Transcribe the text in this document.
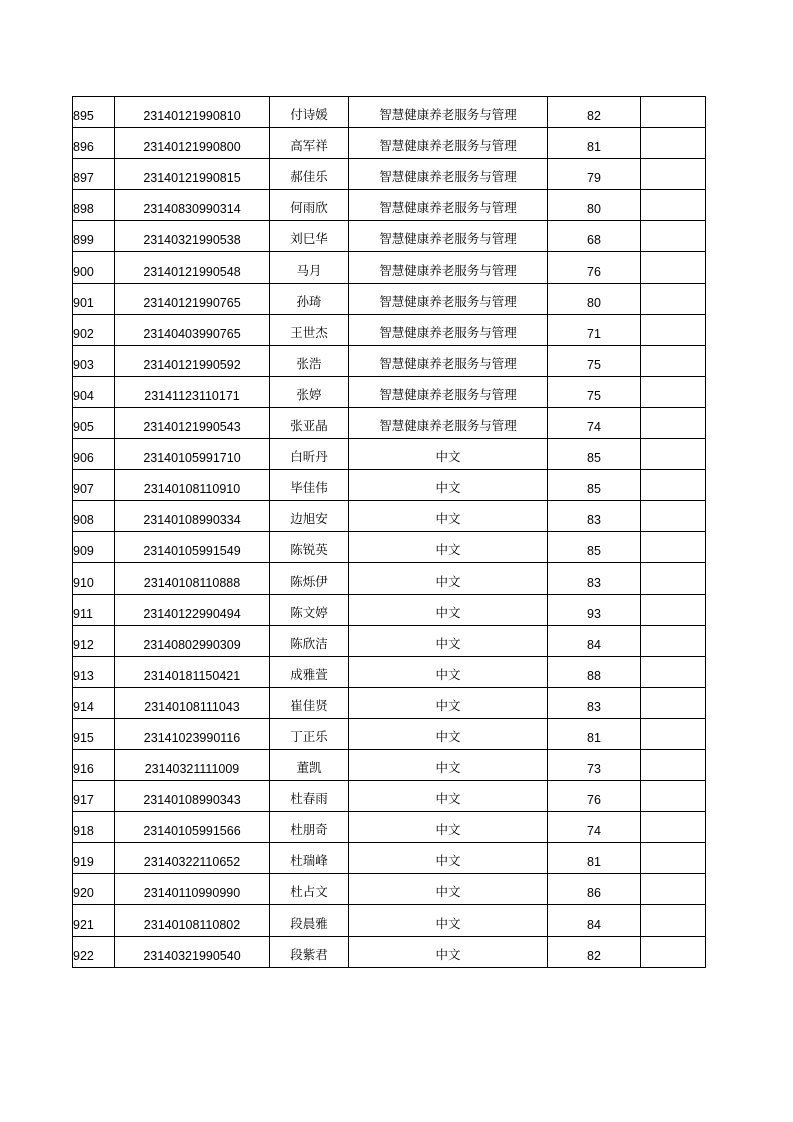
895	23140121990810	付诗媛	智慧健康养老服务与管理	82	
896	23140121990800	高军祥	智慧健康养老服务与管理	81	
897	23140121990815	郝佳乐	智慧健康养老服务与管理	79	
898	23140830990314	何雨欣	智慧健康养老服务与管理	80	
899	23140321990538	刘巳华	智慧健康养老服务与管理	68	
900	23140121990548	马月	智慧健康养老服务与管理	76	
901	23140121990765	孙琦	智慧健康养老服务与管理	80	
902	23140403990765	王世杰	智慧健康养老服务与管理	71	
903	23140121990592	张浩	智慧健康养老服务与管理	75	
904	23141123110171	张婷	智慧健康养老服务与管理	75	
905	23140121990543	张亚晶	智慧健康养老服务与管理	74	
906	23140105991710	白昕丹	中文	85	
907	23140108110910	毕佳伟	中文	85	
908	23140108990334	边旭安	中文	83	
909	23140105991549	陈锐英	中文	85	
910	23140108110888	陈烁伊	中文	83	
911	23140122990494	陈文婷	中文	93	
912	23140802990309	陈欣洁	中文	84	
913	23140181150421	成雅萱	中文	88	
914	23140108111043	崔佳贤	中文	83	
915	23141023990116	丁正乐	中文	81	
916	23140321111009	董凯	中文	73	
917	23140108990343	杜春雨	中文	76	
918	23140105991566	杜朋奇	中文	74	
919	23140322110652	杜瑞峰	中文	81	
920	23140110990990	杜占文	中文	86	
921	23140108110802	段晨雅	中文	84	
922	23140321990540	段紫君	中文	82	
